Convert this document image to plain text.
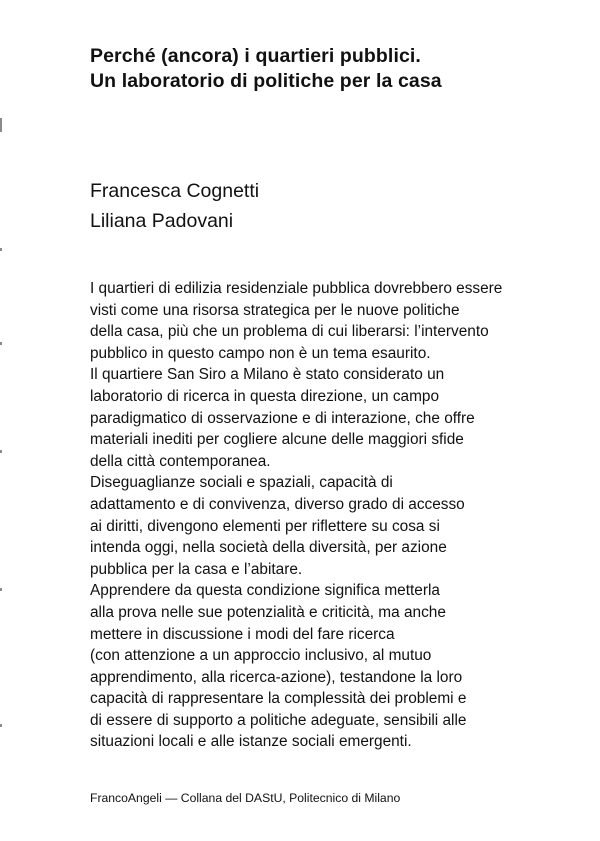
Perché (ancora) i quartieri pubblici.
Un laboratorio di politiche per la casa
Francesca Cognetti
Liliana Padovani
I quartieri di edilizia residenziale pubblica dovrebbero essere
visti come una risorsa strategica per le nuove politiche
della casa, più che un problema di cui liberarsi: l’intervento
pubblico in questo campo non è un tema esaurito.
Il quartiere San Siro a Milano è stato considerato un
laboratorio di ricerca in questa direzione, un campo
paradigmatico di osservazione e di interazione, che offre
materiali inediti per cogliere alcune delle maggiori sfide
della città contemporanea.
Diseguaglianze sociali e spaziali, capacità di
adattamento e di convivenza, diverso grado di accesso
ai diritti, divengono elementi per riflettere su cosa si
intenda oggi, nella società della diversità, per azione
pubblica per la casa e l’abitare.
Apprendere da questa condizione significa metterla
alla prova nelle sue potenzialità e criticità, ma anche
mettere in discussione i modi del fare ricerca
(con attenzione a un approccio inclusivo, al mutuo
apprendimento, alla ricerca-azione), testandone la loro
capacità di rappresentare la complessità dei problemi e
di essere di supporto a politiche adeguate, sensibili alle
situazioni locali e alle istanze sociali emergenti.
FrancoAngeli — Collana del DAStU, Politecnico di Milano
